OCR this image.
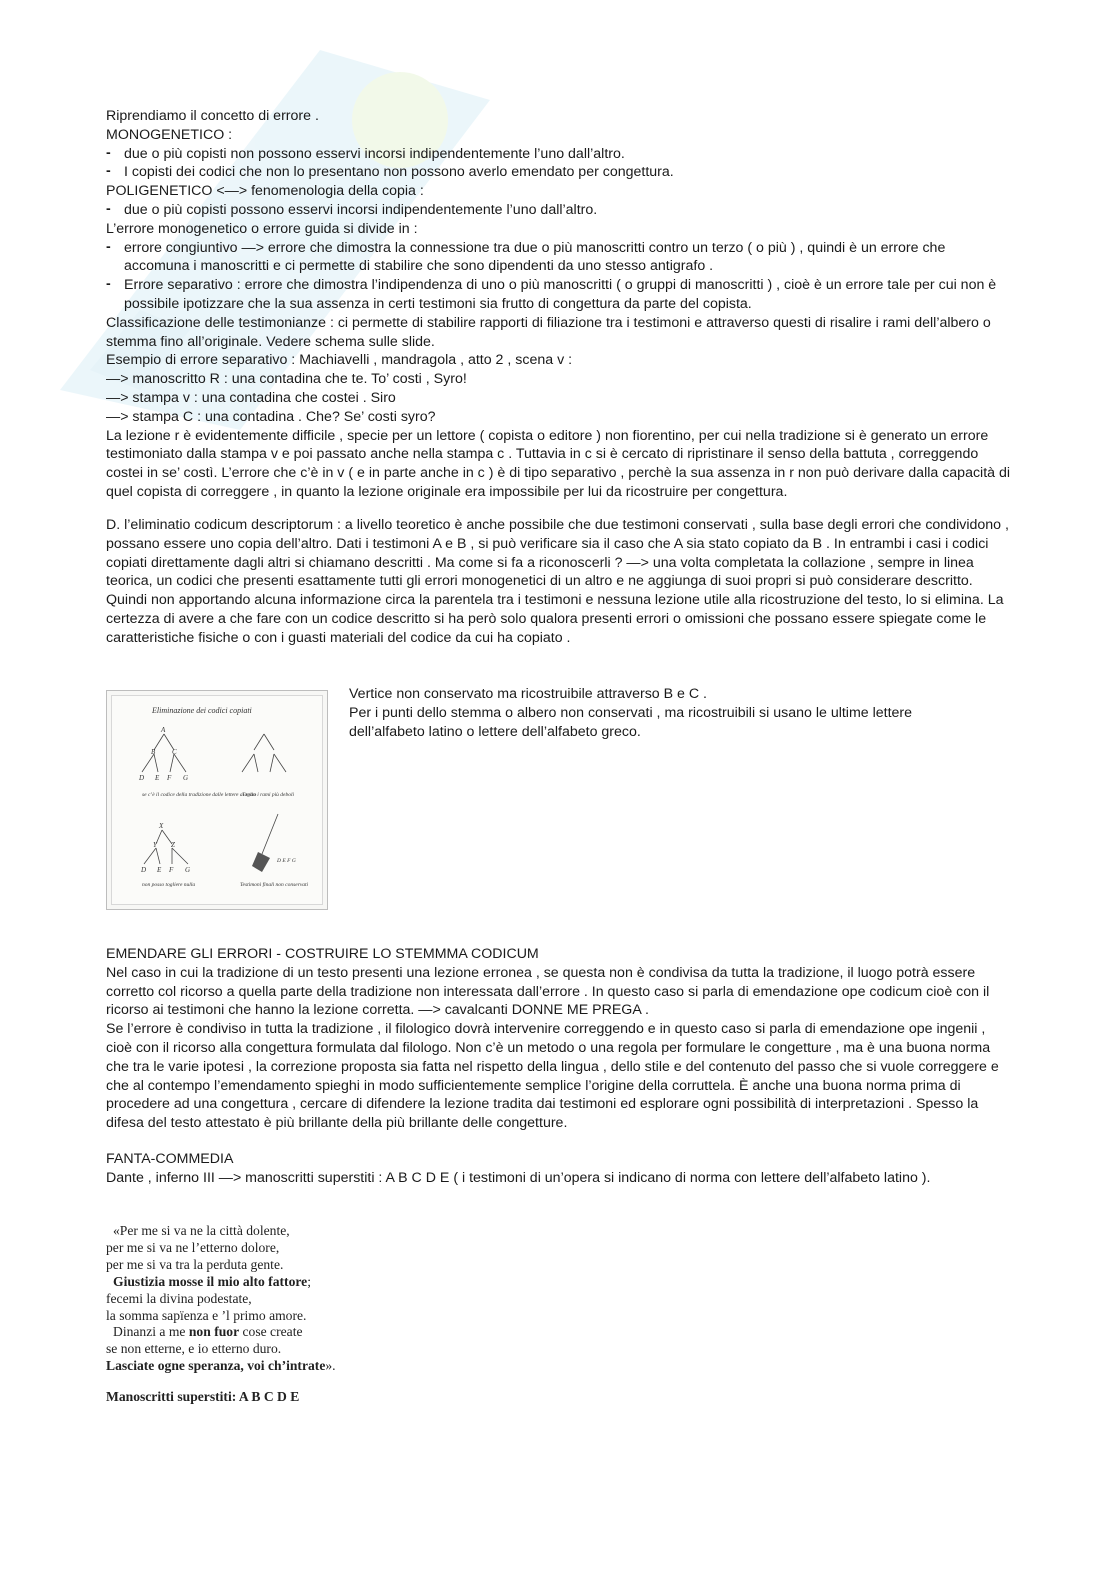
Riprendiamo il concetto di errore .

MONOGENETICO :

- due o più copisti non possono esservi incorsi indipendentemente l’uno dall’altro.

- I copisti dei codici che non lo presentano non possono averlo emendato per congettura.

POLIGENETICO <—> fenomenologia della copia :

- due o più copisti possono esservi incorsi indipendentemente l’uno dall’altro.

L’errore monogenetico o errore guida si divide in :

- errore congiuntivo —> errore che dimostra la connessione tra due o più manoscritti contro un terzo ( o più ) , quindi è un errore che accomuna i manoscritti e ci permette di stabilire che sono dipendenti da uno stesso antigrafo .

- Errore separativo : errore che dimostra l’indipendenza di uno o più manoscritti ( o gruppi di manoscritti ) , cioè è un errore tale per cui non è possibile ipotizzare che la sua assenza in certi testimoni sia frutto di congettura da parte del copista.

Classificazione delle testimonianze : ci permette di stabilire rapporti di filiazione tra i testimoni e attraverso questi di risalire i rami dell’albero o stemma fino all’originale. Vedere schema sulle slide.

Esempio di errore separativo : Machiavelli , mandragola , atto 2 , scena v :

—> manoscritto R : una contadina che te. To’ costi , Syro!

—> stampa v : una contadina che costei . Siro

—> stampa C : una contadina . Che? Se’ costi syro?

La lezione r è evidentemente difficile , specie per un lettore ( copista o editore ) non fiorentino, per cui nella tradizione si è generato un errore testimoniato dalla stampa v e poi passato anche nella stampa c . Tuttavia in c si è cercato di ripristinare il senso della battuta , correggendo costei in se’ costì. L’errore che c’è in v ( e in parte anche in c ) è di tipo separativo , perchè la sua assenza in r non può derivare dalla capacità di quel copista di correggere , in quanto la lezione originale era impossibile per lui da ricostruire per congettura.

D. l’eliminatio codicum descriptorum : a livello teoretico è anche possibile che due testimoni conservati , sulla base degli errori che condividono , possano essere uno copia dell’altro. Dati i testimoni A e B , si può verificare sia il caso che A sia stato copiato da B . In entrambi i casi i codici copiati direttamente dagli altri si chiamano descritti . Ma come si fa a riconoscerli ? —> una volta completata la collazione , sempre in linea teorica, un codici che presenti esattamente tutti gli errori monogenetici di un altro e ne aggiunga di suoi propri si può considerare descritto. Quindi non apportando alcuna informazione circa la parentela tra i testimoni e nessuna lezione utile alla ricostruzione del testo, lo si elimina. La certezza di avere a che fare con un codice descritto si ha però solo qualora presenti errori o omissioni che possano essere spiegate come le caratteristiche fisiche o con i guasti materiali del codice da cui ha copiato .

Eliminazione dei codici copiati
A
B C
D E F G
se c’è il codice della tradizione dalle lettere al resto
Taglio i rami più deboli
X
Y Z
D E F G
non posso togliere nulla
D E F G
Testimoni finali non conservati

Vertice non conservato ma ricostruibile attraverso B e C .

Per i punti dello stemma o albero non conservati , ma ricostruibili si usano le ultime lettere dell’alfabeto latino o lettere dell’alfabeto greco.

EMENDARE GLI ERRORI - COSTRUIRE LO STEMMMA CODICUM

Nel caso in cui la tradizione di un testo presenti una lezione erronea , se questa non è condivisa da tutta la tradizione, il luogo potrà essere corretto col ricorso a quella parte della tradizione non interessata dall’errore . In questo caso si parla di emendazione ope codicum cioè con il ricorso ai testimoni che hanno la lezione corretta. —> cavalcanti DONNE ME PREGA .

Se l’errore è condiviso in tutta la tradizione , il filologico dovrà intervenire correggendo e in questo caso si parla di emendazione ope ingenii , cioè con il ricorso alla congettura formulata dal filologo. Non c’è un metodo o una regola per formulare le congetture , ma è una buona norma che tra le varie ipotesi , la correzione proposta sia fatta nel rispetto della lingua , dello stile e del contenuto del passo che si vuole correggere e che al contempo l’emendamento spieghi in modo sufficientemente semplice l’origine della corruttela. È anche una buona norma prima di procedere ad una congettura , cercare di difendere la lezione tradita dai testimoni ed esplorare ogni possibilità di interpretazioni . Spesso la difesa del testo attestato è più brillante della più brillante delle congetture.

FANTA-COMMEDIA

Dante , inferno III —> manoscritti superstiti : A B C D E ( i testimoni di un’opera si indicano di norma con lettere dell’alfabeto latino ).

«Per me si va ne la città dolente,

per me si va ne l’etterno dolore,

per me si va tra la perduta gente.

Giustizia mosse il mio alto fattore;

fecemi la divina podestate,

la somma sapïenza e ’l primo amore.

Dinanzi a me non fuor cose create

se non etterne, e io etterno duro.

Lasciate ogne speranza, voi ch’intrate».

Manoscritti superstiti: A B C D E
